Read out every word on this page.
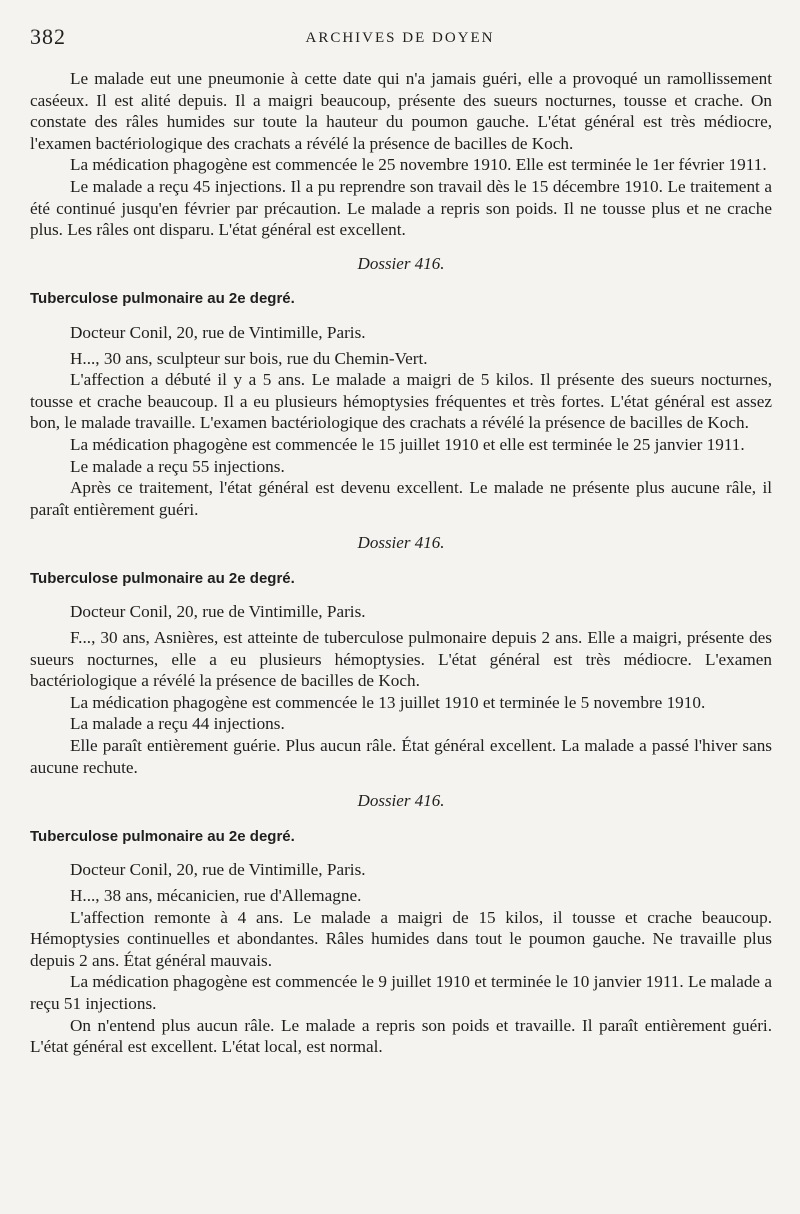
382	ARCHIVES DE DOYEN

Le malade eut une pneumonie à cette date qui n'a jamais guéri, elle a provoqué un ramollissement caséeux. Il est alité depuis. Il a maigri beaucoup, présente des sueurs nocturnes, tousse et crache. On constate des râles humides sur toute la hauteur du poumon gauche. L'état général est très médiocre, l'examen bactériologique des crachats a révélé la présence de bacilles de Koch.

La médication phagogène est commencée le 25 novembre 1910. Elle est terminée le 1er février 1911.

Le malade a reçu 45 injections. Il a pu reprendre son travail dès le 15 décembre 1910. Le traitement a été continué jusqu'en février par précaution. Le malade a repris son poids. Il ne tousse plus et ne crache plus. Les râles ont disparu. L'état général est excellent.

Dossier 416.
Tuberculose pulmonaire au 2e degré.

Docteur Conil, 20, rue de Vintimille, Paris.

H..., 30 ans, sculpteur sur bois, rue du Chemin-Vert.

L'affection a débuté il y a 5 ans. Le malade a maigri de 5 kilos. Il présente des sueurs nocturnes, tousse et crache beaucoup. Il a eu plusieurs hémoptysies fréquentes et très fortes. L'état général est assez bon, le malade travaille. L'examen bactériologique des crachats a révélé la présence de bacilles de Koch.

La médication phagogène est commencée le 15 juillet 1910 et elle est terminée le 25 janvier 1911.

Le malade a reçu 55 injections.

Après ce traitement, l'état général est devenu excellent. Le malade ne présente plus aucune râle, il paraît entièrement guéri.

Dossier 416.
Tuberculose pulmonaire au 2e degré.

Docteur Conil, 20, rue de Vintimille, Paris.

F..., 30 ans, Asnières, est atteinte de tuberculose pulmonaire depuis 2 ans. Elle a maigri, présente des sueurs nocturnes, elle a eu plusieurs hémoptysies. L'état général est très médiocre. L'examen bactériologique a révélé la présence de bacilles de Koch.

La médication phagogène est commencée le 13 juillet 1910 et terminée le 5 novembre 1910.

La malade a reçu 44 injections.

Elle paraît entièrement guérie. Plus aucun râle. État général excellent. La malade a passé l'hiver sans aucune rechute.

Dossier 416.
Tuberculose pulmonaire au 2e degré.

Docteur Conil, 20, rue de Vintimille, Paris.

H..., 38 ans, mécanicien, rue d'Allemagne.

L'affection remonte à 4 ans. Le malade a maigri de 15 kilos, il tousse et crache beaucoup. Hémoptysies continuelles et abondantes. Râles humides dans tout le poumon gauche. Ne travaille plus depuis 2 ans. État général mauvais.

La médication phagogène est commencée le 9 juillet 1910 et terminée le 10 janvier 1911. Le malade a reçu 51 injections.

On n'entend plus aucun râle. Le malade a repris son poids et travaille. Il paraît entièrement guéri. L'état général est excellent. L'état local, est normal.
